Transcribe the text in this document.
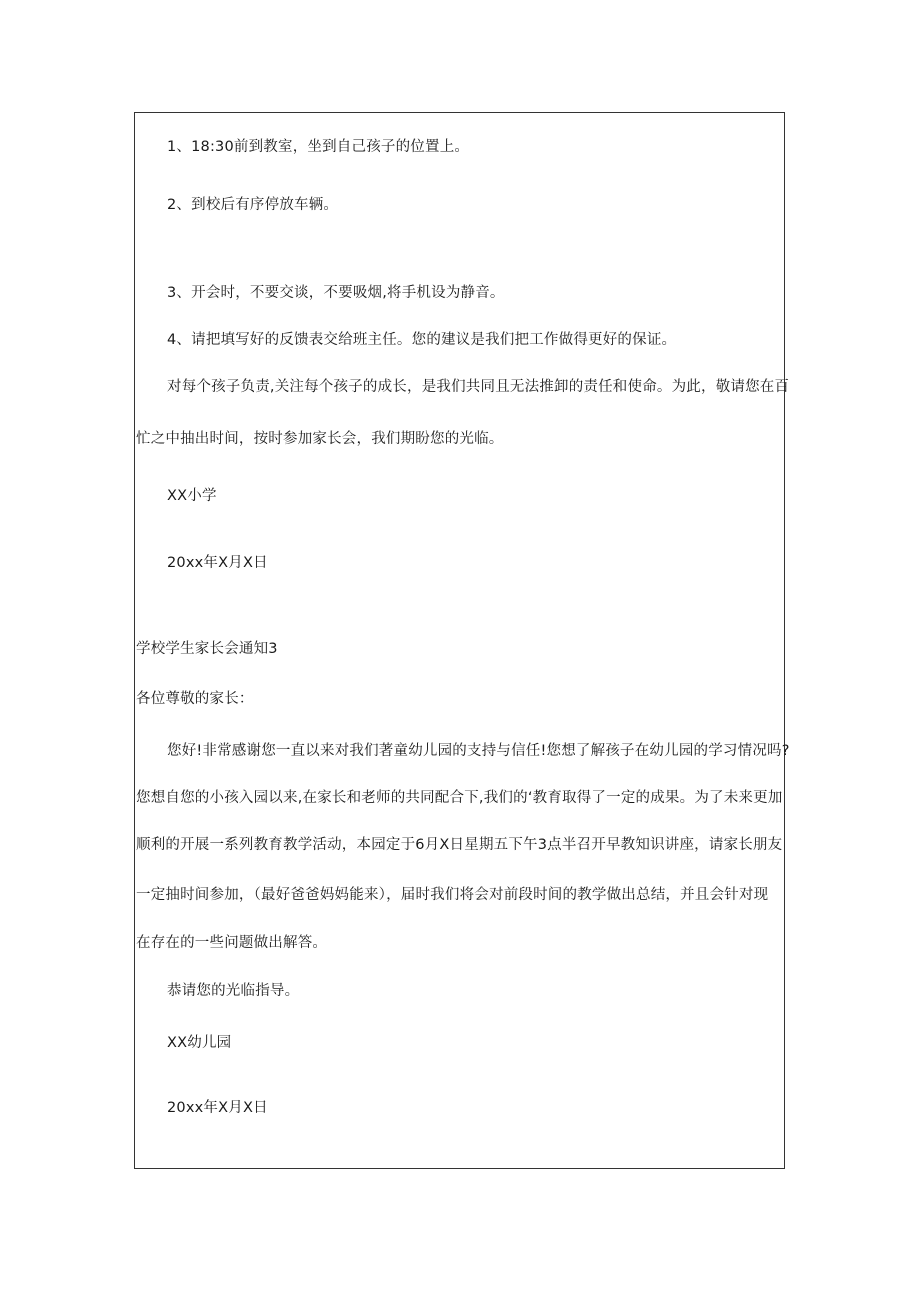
1、18:30前到教室，坐到自己孩子的位置上。
2、到校后有序停放车辆。
3、开会时，不要交谈，不要吸烟,将手机设为静音。
4、请把填写好的反馈表交给班主任。您的建议是我们把工作做得更好的保证。
对每个孩子负责,关注每个孩子的成长，是我们共同且无法推卸的责任和使命。为此，敬请您在百
忙之中抽出时间，按时参加家长会，我们期盼您的光临。
XX小学
20xx年X月X日
学校学生家长会通知3
各位尊敬的家长：
您好!非常感谢您一直以来对我们著童幼儿园的支持与信任!您想了解孩子在幼儿园的学习情况吗?
您想自您的小孩入园以来,在家长和老师的共同配合下,我们的‘教育取得了一定的成果。为了未来更加
顺利的开展一系列教育教学活动，本园定于6月X日星期五下午3点半召开早教知识讲座，请家长朋友
一定抽时间参加，（最好爸爸妈妈能来），届时我们将会对前段时间的教学做出总结，并且会针对现
在存在的一些问题做出解答。
恭请您的光临指导。
XX幼儿园
20xx年X月X日
